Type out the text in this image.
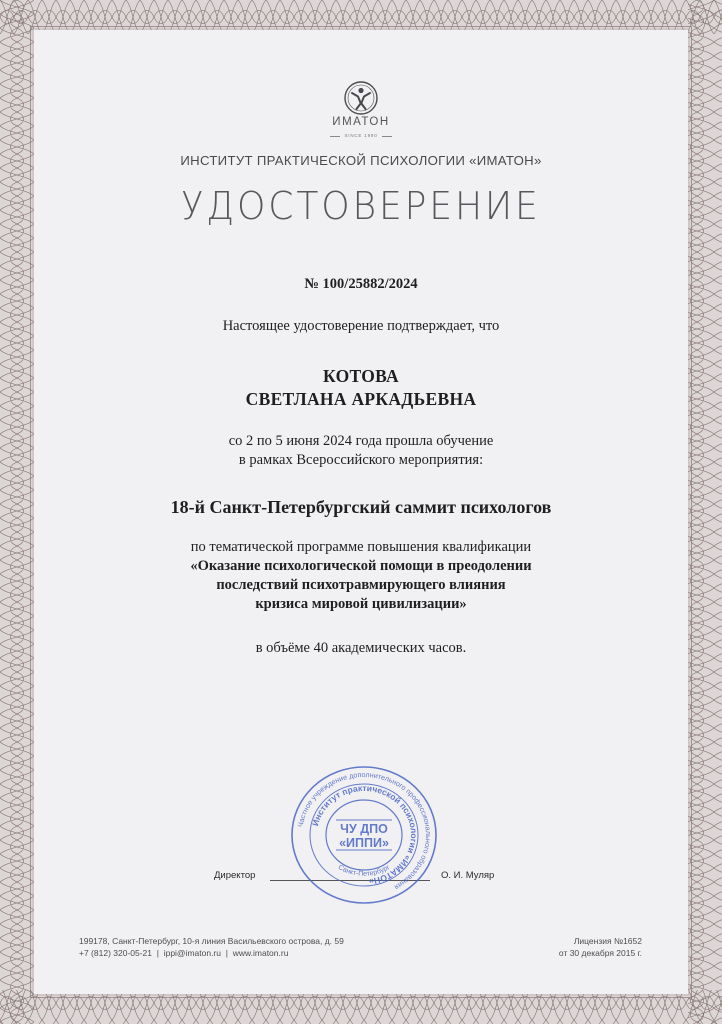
ИМАТОН
SINCE 1990
ИНСТИТУТ ПРАКТИЧЕСКОЙ ПСИХОЛОГИИ «ИМАТОН»
УДОСТОВЕРЕНИЕ
№ 100/25882/2024
Настоящее удостоверение подтверждает, что
КОТОВА
СВЕТЛАНА АРКАДЬЕВНА
со 2 по 5 июня 2024 года прошла обучение
в рамках Всероссийского мероприятия:
18-й Санкт-Петербургский саммит психологов
по тематической программе повышения квалификации
«Оказание психологической помощи в преодолении
последствий психотравмирующего влияния
кризиса мировой цивилизации»
в объёме 40 академических часов.
Директор	О. И. Муляр
Частное учреждение дополнительного профессионального образования
Институт практической психологии «ИМАТОН»
ЧУ ДПО
«ИППИ»
Санкт-Петербург
199178, Санкт-Петербург, 10-я линия Васильевского острова, д. 59
+7 (812) 320-05-21  |  ippi@imaton.ru  |  www.imaton.ru
Лицензия №1652
от 30 декабря 2015 г.
